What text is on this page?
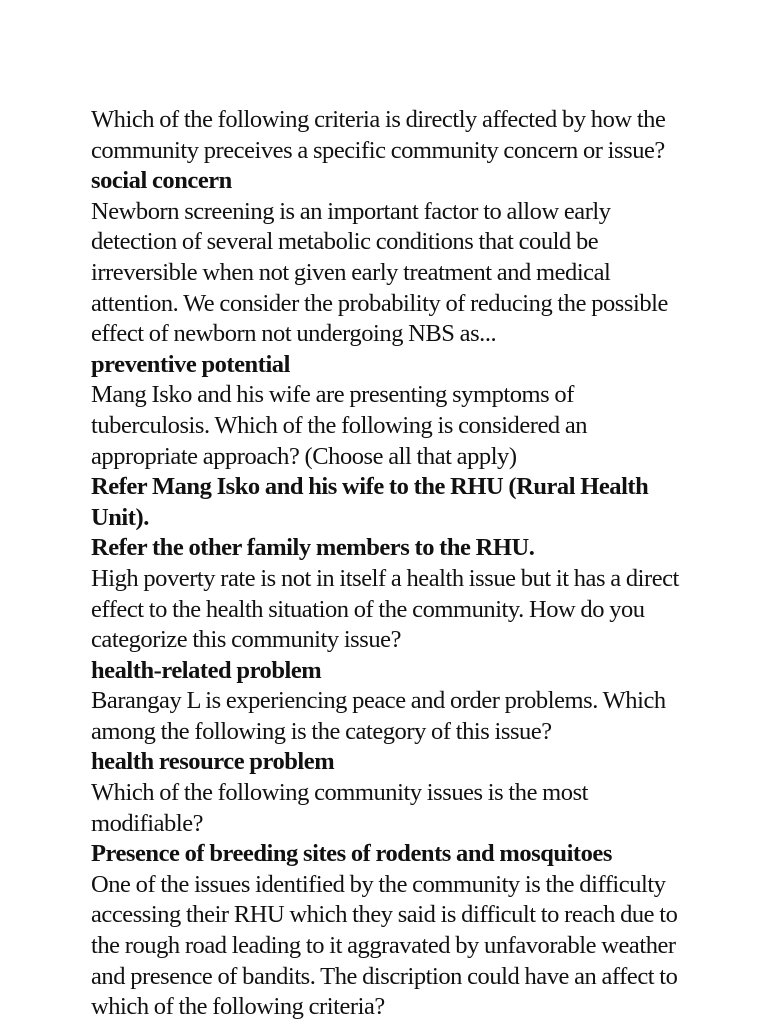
Which of the following criteria is directly affected by how the
community preceives a specific community concern or issue?
social concern
Newborn screening is an important factor to allow early
detection of several metabolic conditions that could be
irreversible when not given early treatment and medical
attention. We consider the probability of reducing the possible
effect of newborn not undergoing NBS as...
preventive potential
Mang Isko and his wife are presenting symptoms of
tuberculosis. Which of the following is considered an
appropriate approach? (Choose all that apply)
Refer Mang Isko and his wife to the RHU (Rural Health
Unit).
Refer the other family members to the RHU.
High poverty rate is not in itself a health issue but it has a direct
effect to the health situation of the community. How do you
categorize this community issue?
health-related problem
Barangay L is experiencing peace and order problems. Which
among the following is the category of this issue?
health resource problem
Which of the following community issues is the most
modifiable?
Presence of breeding sites of rodents and mosquitoes
One of the issues identified by the community is the difficulty
accessing their RHU which they said is difficult to reach due to
the rough road leading to it aggravated by unfavorable weather
and presence of bandits. The discription could have an affect to
which of the following criteria?
